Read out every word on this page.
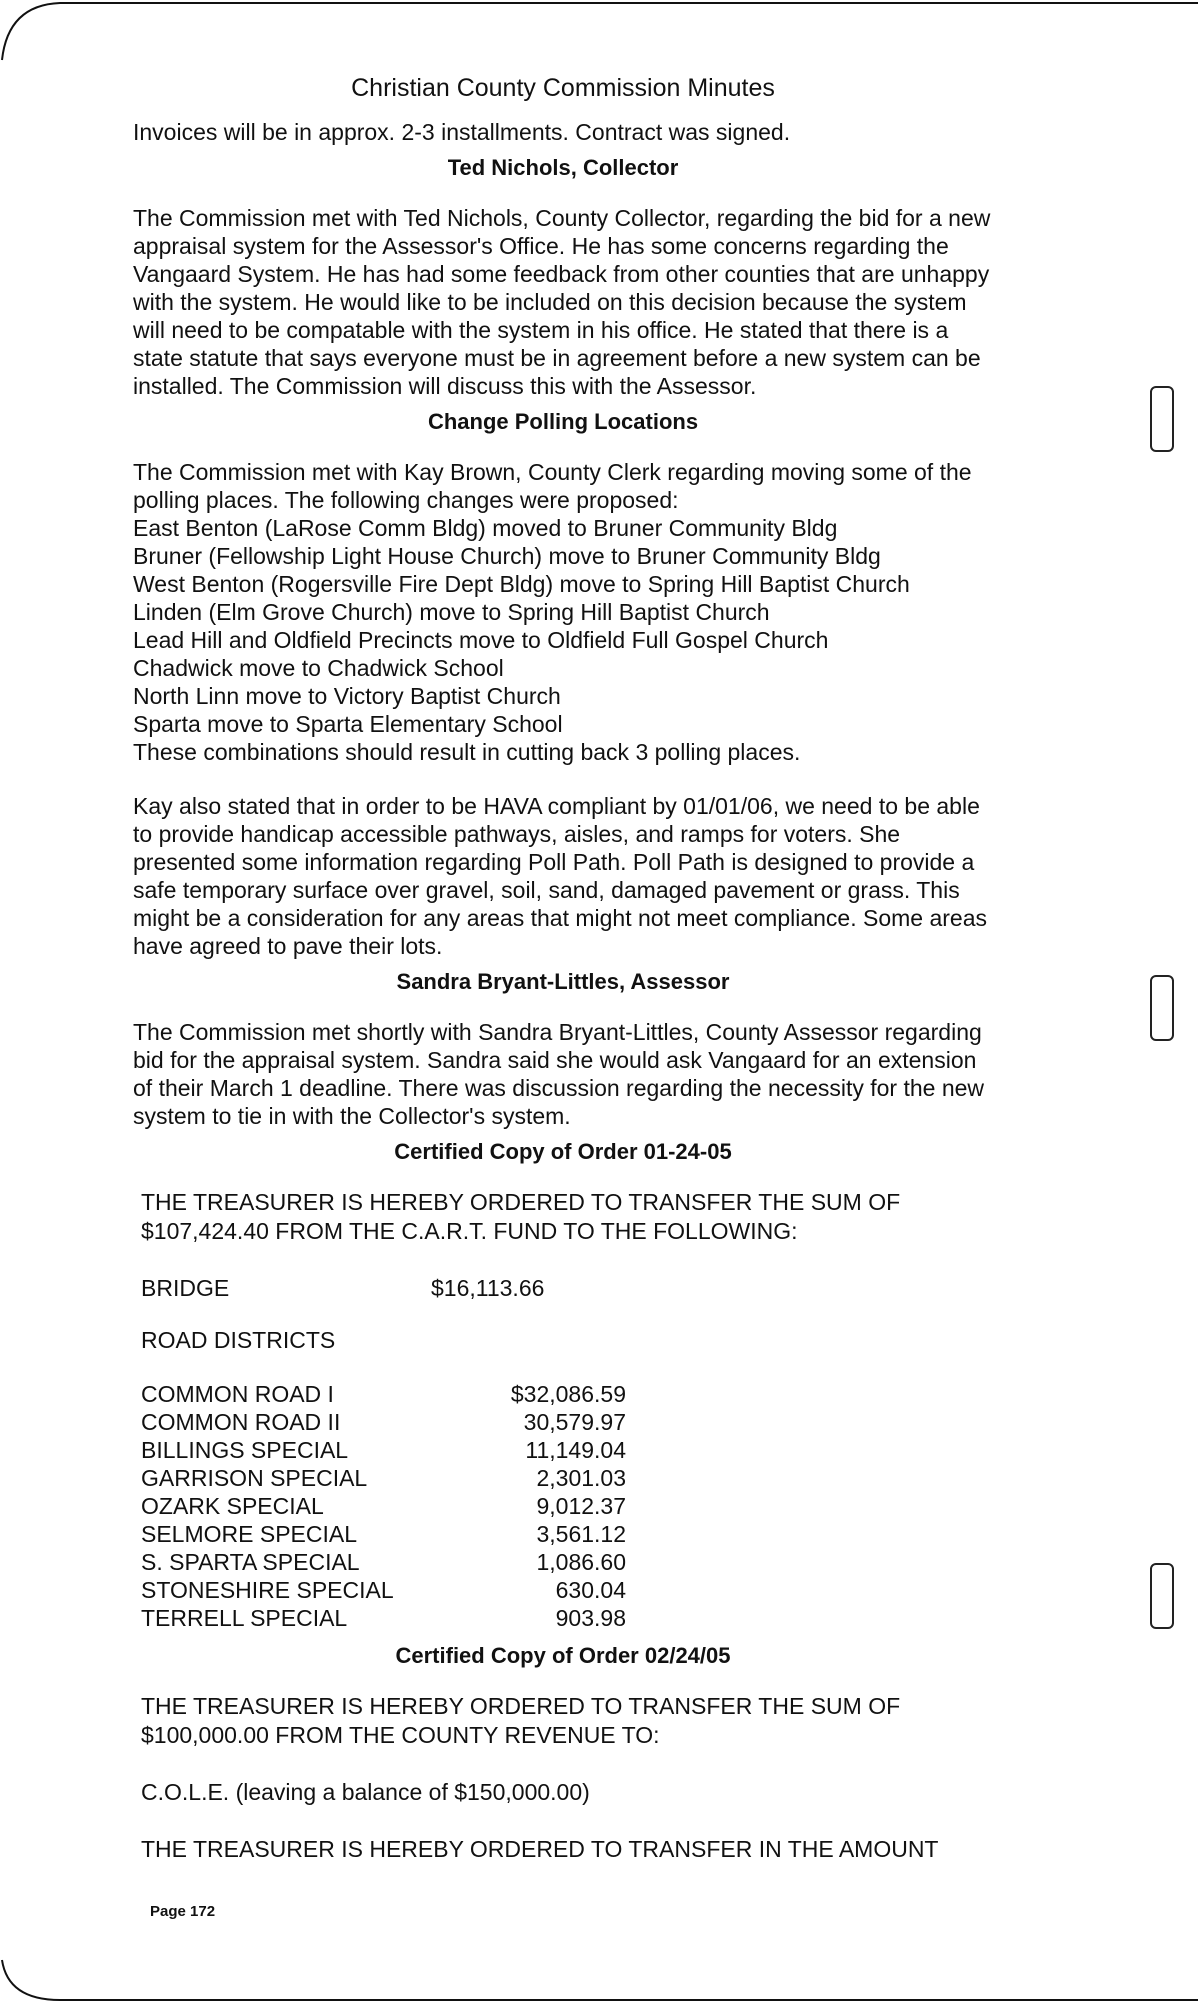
Christian County Commission Minutes

Invoices will be in approx. 2-3 installments. Contract was signed.

Ted Nichols, Collector

The Commission met with Ted Nichols, County Collector, regarding the bid for a new appraisal system for the Assessor's Office. He has some concerns regarding the Vangaard System. He has had some feedback from other counties that are unhappy with the system. He would like to be included on this decision because the system will need to be compatable with the system in his office. He stated that there is a state statute that says everyone must be in agreement before a new system can be installed. The Commission will discuss this with the Assessor.

Change Polling Locations

The Commission met with Kay Brown, County Clerk regarding moving some of the polling places. The following changes were proposed:

East Benton (LaRose Comm Bldg) moved to Bruner Community Bldg
Bruner (Fellowship Light House Church) move to Bruner Community Bldg
West Benton (Rogersville Fire Dept Bldg) move to Spring Hill Baptist Church
Linden (Elm Grove Church) move to Spring Hill Baptist Church
Lead Hill and Oldfield Precincts move to Oldfield Full Gospel Church
Chadwick move to Chadwick School
North Linn move to Victory Baptist Church
Sparta move to Sparta Elementary School
These combinations should result in cutting back 3 polling places.

Kay also stated that in order to be HAVA compliant by 01/01/06, we need to be able to provide handicap accessible pathways, aisles, and ramps for voters. She presented some information regarding Poll Path. Poll Path is designed to provide a safe temporary surface over gravel, soil, sand, damaged pavement or grass. This might be a consideration for any areas that might not meet compliance. Some areas have agreed to pave their lots.

Sandra Bryant-Littles, Assessor

The Commission met shortly with Sandra Bryant-Littles, County Assessor regarding bid for the appraisal system. Sandra said she would ask Vangaard for an extension of their March 1 deadline. There was discussion regarding the necessity for the new system to tie in with the Collector's system.

Certified Copy of Order 01-24-05
THE TREASURER IS HEREBY ORDERED TO TRANSFER THE SUM OF $107,424.40 FROM THE C.A.R.T. FUND TO THE FOLLOWING:
BRIDGE	$16,113.66
ROAD DISTRICTS
COMMON ROAD I	$32,086.59
COMMON ROAD II	30,579.97
BILLINGS SPECIAL	11,149.04
GARRISON SPECIAL	2,301.03
OZARK SPECIAL	9,012.37
SELMORE SPECIAL	3,561.12
S. SPARTA SPECIAL	1,086.60
STONESHIRE SPECIAL	630.04
TERRELL SPECIAL	903.98
Certified Copy of Order 02/24/05
THE TREASURER IS HEREBY ORDERED TO TRANSFER THE SUM OF $100,000.00 FROM THE COUNTY REVENUE TO:
C.O.L.E. (leaving a balance of $150,000.00)
THE TREASURER IS HEREBY ORDERED TO TRANSFER IN THE AMOUNT
Page 172
